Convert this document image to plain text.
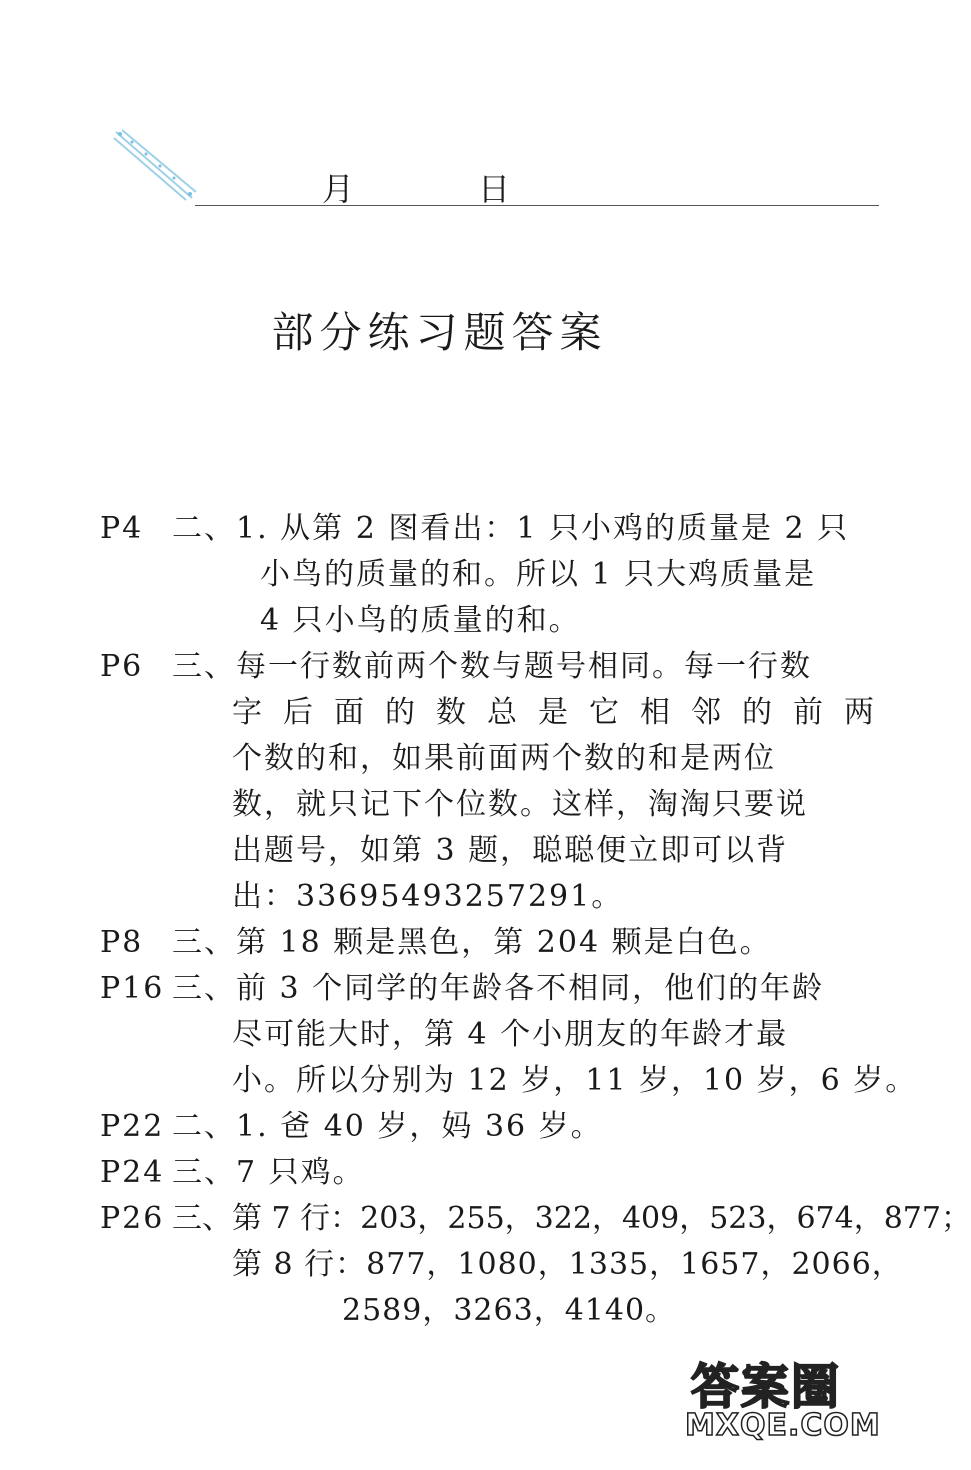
月	日
部分练习题答案
P4 二、1. 从第 2 图看出：1 只小鸡的质量是 2 只
小鸟的质量的和。所以 1 只大鸡质量是
4 只小鸟的质量的和。
P6 三、每一行数前两个数与题号相同。每一行数
字后面的数总是它相邻的前两
个数的和，如果前面两个数的和是两位
数，就只记下个位数。这样，淘淘只要说
出题号，如第 3 题，聪聪便立即可以背
出：33695493257291。
P8 三、第 18 颗是黑色，第 204 颗是白色。
P16 三、前 3 个同学的年龄各不相同，他们的年龄
尽可能大时，第 4 个小朋友的年龄才最
小。所以分别为 12 岁，11 岁，10 岁，6 岁。
P22 二、1. 爸 40 岁，妈 36 岁。
P24 三、7 只鸡。
P26 三、第 7 行：203，255，322，409，523，674，877；
第 8 行：877，1080，1335，1657，2066，
2589，3263，4140。
答案圈
MXQE.COM
